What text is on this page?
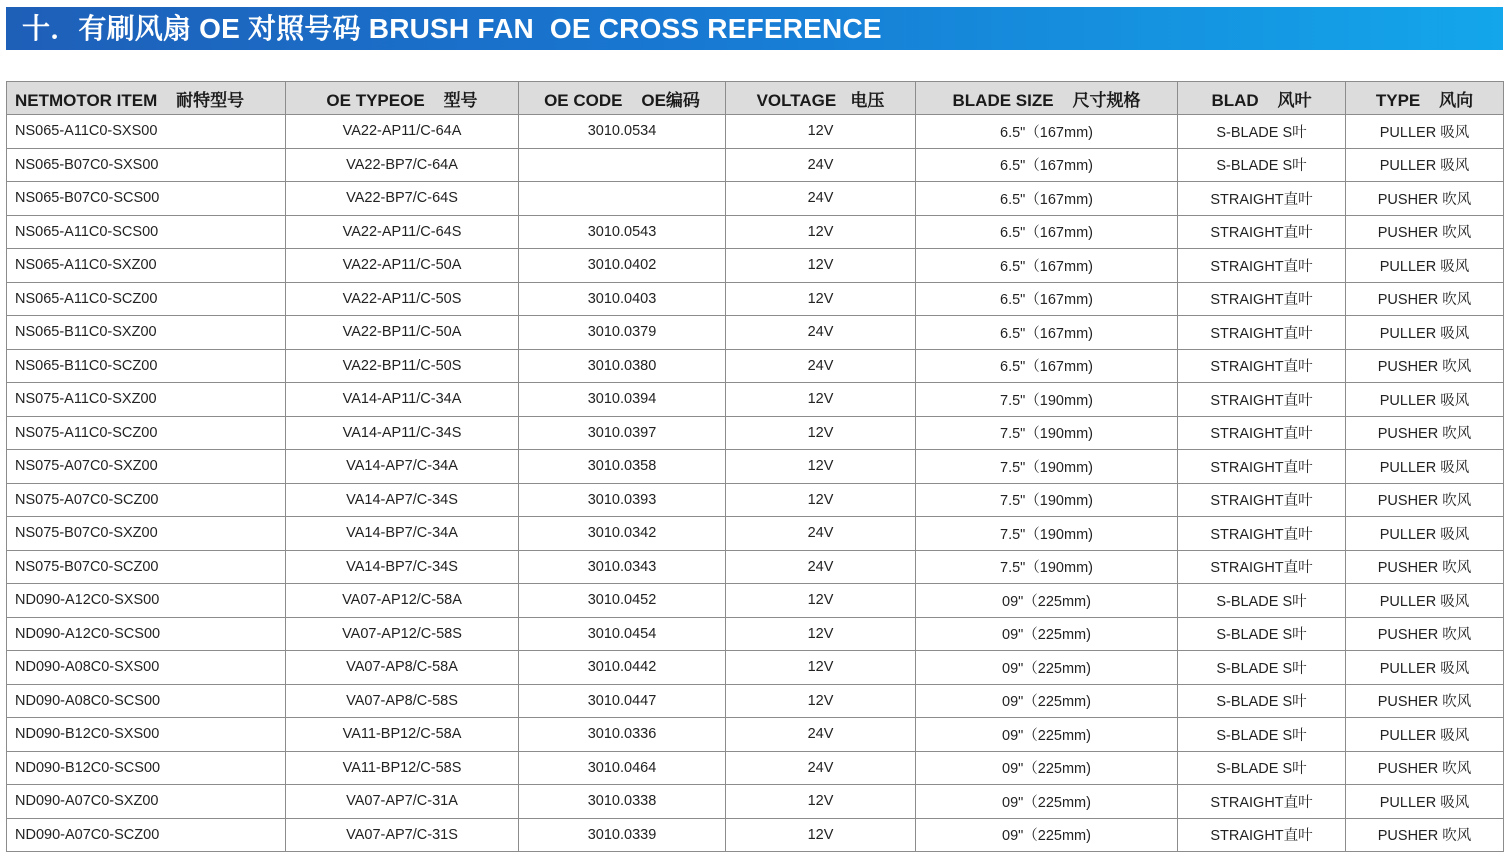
十．有刷风扇 OE 对照号码 BRUSH FAN  OE CROSS REFERENCE
NETMOTOR ITEM    耐特型号	OE TYPEOE    型号	OE CODE    OE编码	VOLTAGE   电压	BLADE SIZE    尺寸规格	BLAD    风叶	TYPE    风向
NS065-A11C0-SXS00	VA22-AP11/C-64A	3010.0534	12V	6.5"（167mm)	S-BLADE S叶	PULLER 吸风
NS065-B07C0-SXS00	VA22-BP7/C-64A		24V	6.5"（167mm)	S-BLADE S叶	PULLER 吸风
NS065-B07C0-SCS00	VA22-BP7/C-64S		24V	6.5"（167mm)	STRAIGHT直叶	PUSHER 吹风
NS065-A11C0-SCS00	VA22-AP11/C-64S	3010.0543	12V	6.5"（167mm)	STRAIGHT直叶	PUSHER 吹风
NS065-A11C0-SXZ00	VA22-AP11/C-50A	3010.0402	12V	6.5"（167mm)	STRAIGHT直叶	PULLER 吸风
NS065-A11C0-SCZ00	VA22-AP11/C-50S	3010.0403	12V	6.5"（167mm)	STRAIGHT直叶	PUSHER 吹风
NS065-B11C0-SXZ00	VA22-BP11/C-50A	3010.0379	24V	6.5"（167mm)	STRAIGHT直叶	PULLER 吸风
NS065-B11C0-SCZ00	VA22-BP11/C-50S	3010.0380	24V	6.5"（167mm)	STRAIGHT直叶	PUSHER 吹风
NS075-A11C0-SXZ00	VA14-AP11/C-34A	3010.0394	12V	7.5"（190mm)	STRAIGHT直叶	PULLER 吸风
NS075-A11C0-SCZ00	VA14-AP11/C-34S	3010.0397	12V	7.5"（190mm)	STRAIGHT直叶	PUSHER 吹风
NS075-A07C0-SXZ00	VA14-AP7/C-34A	3010.0358	12V	7.5"（190mm)	STRAIGHT直叶	PULLER 吸风
NS075-A07C0-SCZ00	VA14-AP7/C-34S	3010.0393	12V	7.5"（190mm)	STRAIGHT直叶	PUSHER 吹风
NS075-B07C0-SXZ00	VA14-BP7/C-34A	3010.0342	24V	7.5"（190mm)	STRAIGHT直叶	PULLER 吸风
NS075-B07C0-SCZ00	VA14-BP7/C-34S	3010.0343	24V	7.5"（190mm)	STRAIGHT直叶	PUSHER 吹风
ND090-A12C0-SXS00	VA07-AP12/C-58A	3010.0452	12V	09"（225mm)	S-BLADE S叶	PULLER 吸风
ND090-A12C0-SCS00	VA07-AP12/C-58S	3010.0454	12V	09"（225mm)	S-BLADE S叶	PUSHER 吹风
ND090-A08C0-SXS00	VA07-AP8/C-58A	3010.0442	12V	09"（225mm)	S-BLADE S叶	PULLER 吸风
ND090-A08C0-SCS00	VA07-AP8/C-58S	3010.0447	12V	09"（225mm)	S-BLADE S叶	PUSHER 吹风
ND090-B12C0-SXS00	VA11-BP12/C-58A	3010.0336	24V	09"（225mm)	S-BLADE S叶	PULLER 吸风
ND090-B12C0-SCS00	VA11-BP12/C-58S	3010.0464	24V	09"（225mm)	S-BLADE S叶	PUSHER 吹风
ND090-A07C0-SXZ00	VA07-AP7/C-31A	3010.0338	12V	09"（225mm)	STRAIGHT直叶	PULLER 吸风
ND090-A07C0-SCZ00	VA07-AP7/C-31S	3010.0339	12V	09"（225mm)	STRAIGHT直叶	PUSHER 吹风
